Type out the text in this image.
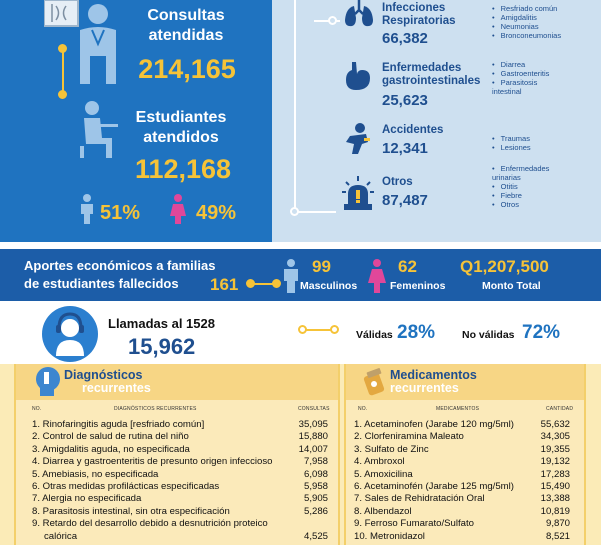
Consultas atendidas
214,165
Estudiantes atendidos
112,168
51%	49%
Infecciones Respiratorias
66,382
• Resfriado común
• Amigdalitis
• Neumonias
• Bronconeumonias
Enfermedades gastrointestinales
25,623
• Diarrea
• Gastroenteritis
• Parasitosis intestinal
Accidentes
12,341
• Traumas
• Lesiones
Otros
87,487
• Enfermedades urinarias
• Otitis
• Fiebre
• Otros
Aportes económicos a familias
de estudiantes fallecidos	161
99
Masculinos
62
Femeninos
Q1,207,500
Monto Total
Llamadas al 1528
15,962	Válidas 28%	No válidas 72%
Diagnósticos
recurrentes
NO.	DIAGNÓSTICOS RECURRENTES	CONSULTAS
1. Rinofaringitis aguda [resfriado común]	35,095
2. Control de salud de rutina del niño	15,880
3. Amigdalitis aguda, no especificada	14,007
4. Diarrea y gastroenteritis de presunto origen infeccioso	7,958
5. Amebiasis, no especificada	6,098
6. Otras medidas profilácticas especificadas	5,958
7. Alergia no especificada	5,905
8. Parasitosis intestinal, sin otra especificación	5,286
9. Retardo del desarrollo debido a desnutrición proteico
calórica	4,525
Medicamentos
recurrentes
NO.	MEDICAMENTOS	CANTIDAD
1. Acetaminofen (Jarabe 120 mg/5ml)	55,632
2. Clorfeniramina Maleato	34,305
3. Sulfato de Zinc	19,355
4. Ambroxol	19,132
5. Amoxicilina	17,283
6. Acetaminofén (Jarabe 125 mg/5ml)	15,490
7. Sales de Rehidratación Oral	13,388
8. Albendazol	10,819
9. Ferroso Fumarato/Sulfato	9,870
10. Metronidazol	8,521
